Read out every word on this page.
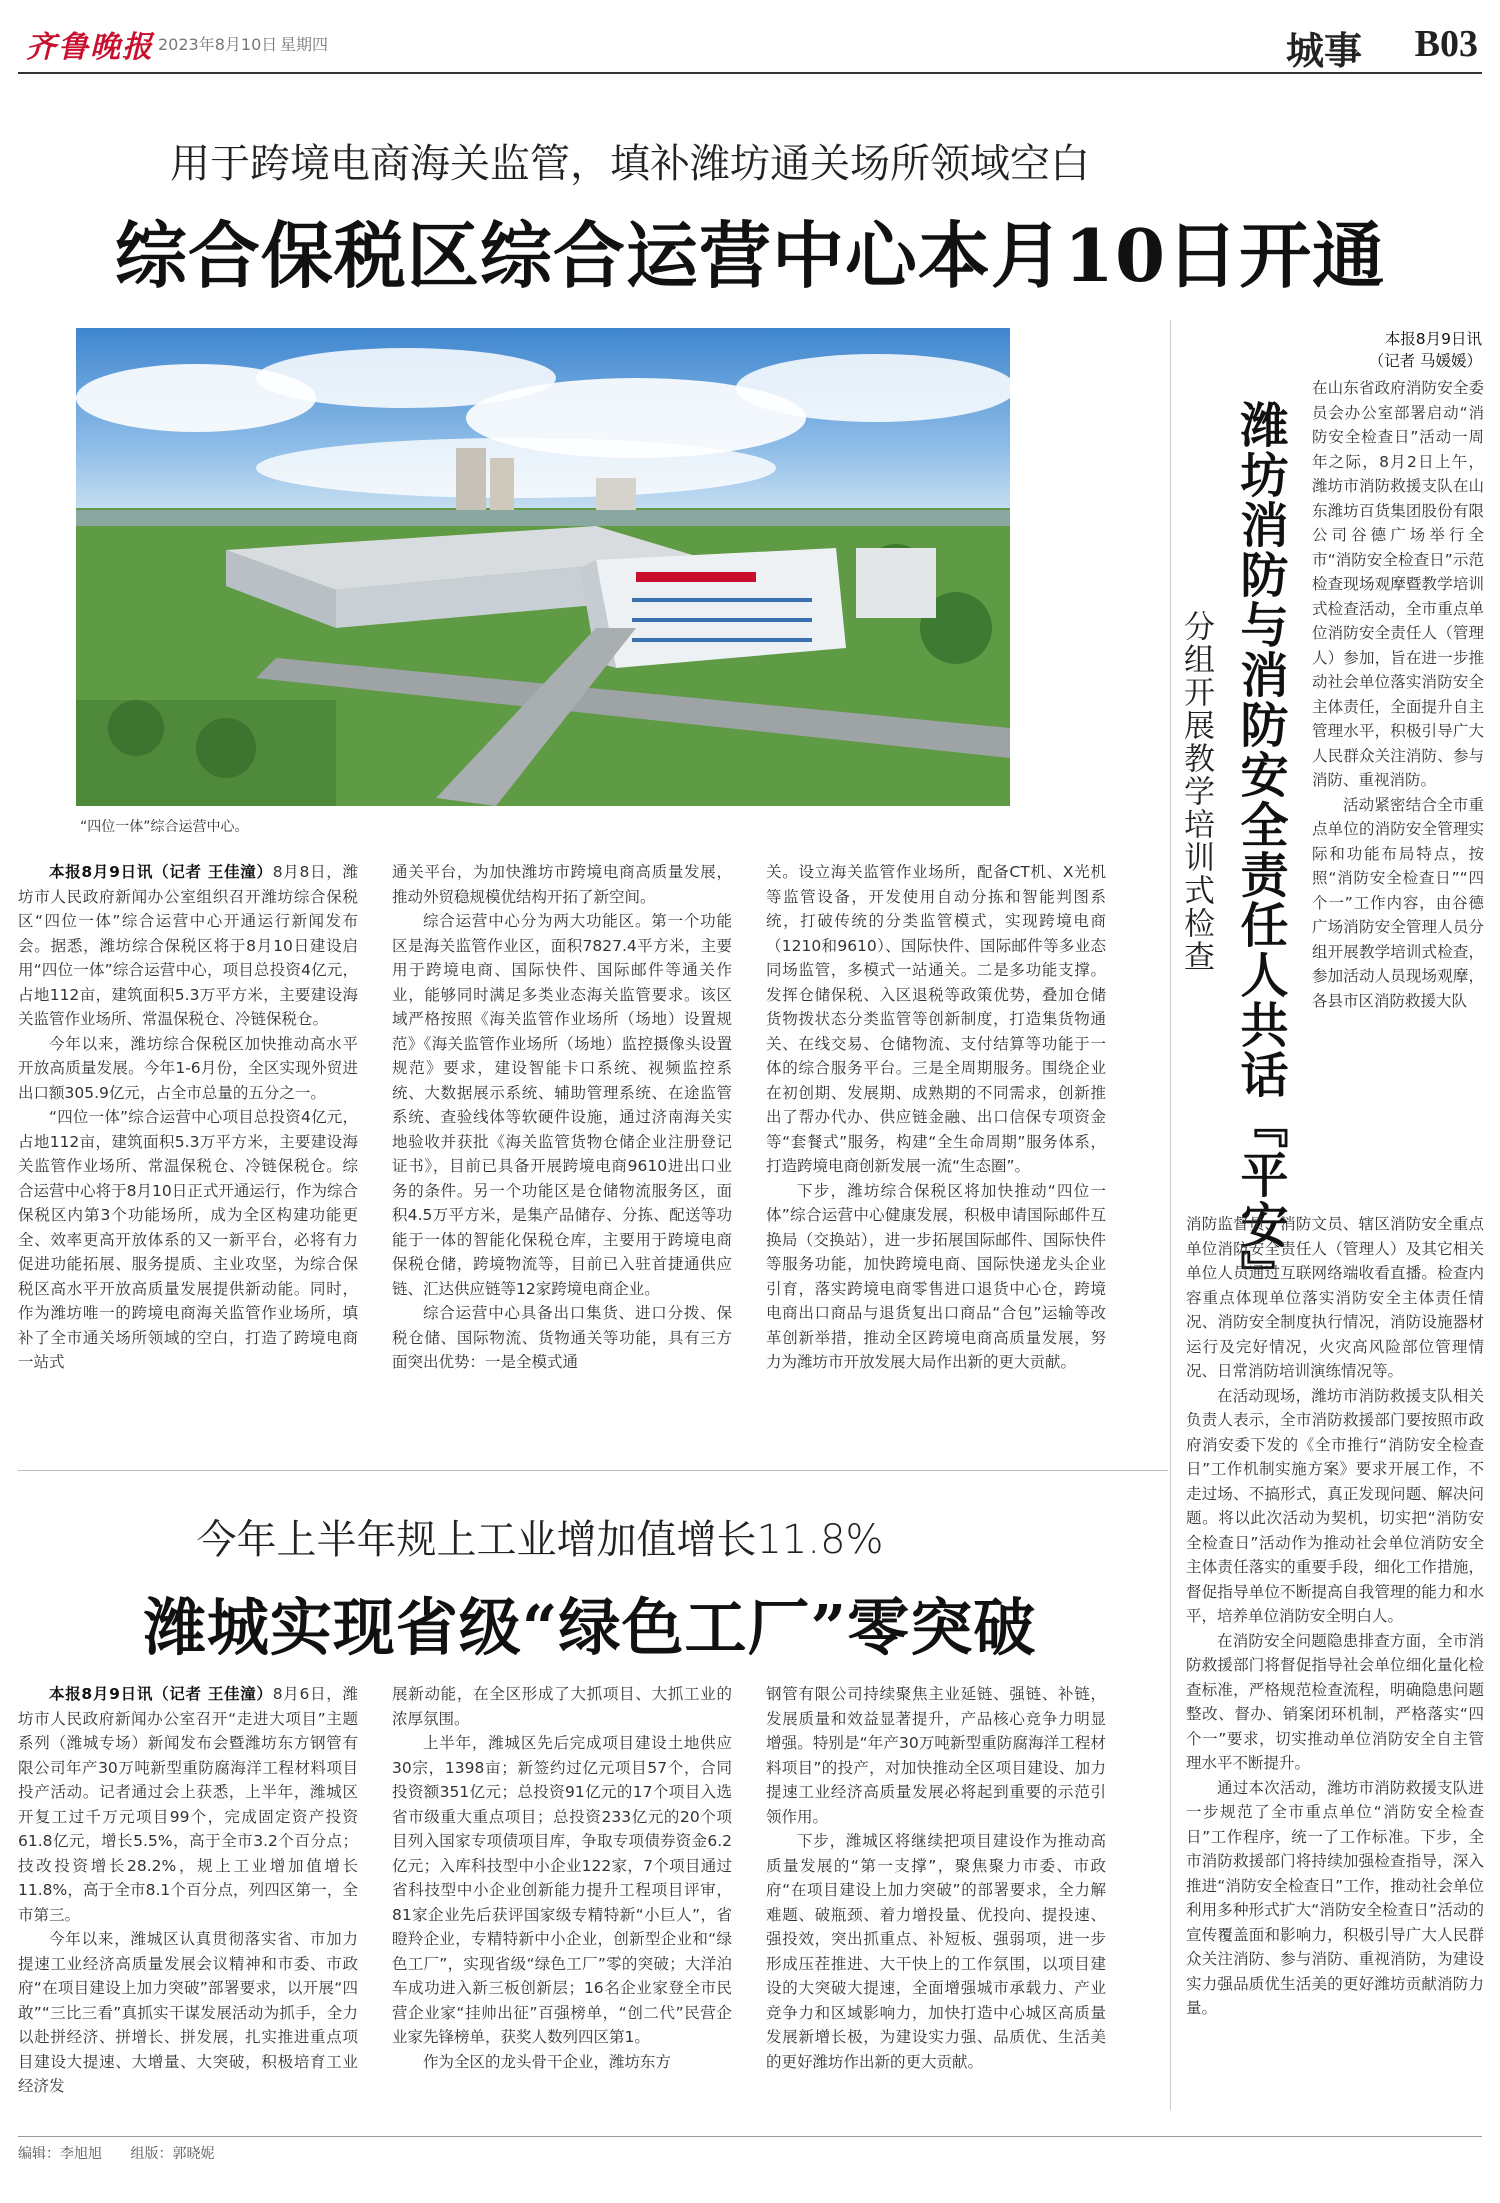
齐鲁晚报 2023年8月10日 星期四	城事 B03
用于跨境电商海关监管，填补潍坊通关场所领域空白
综合保税区综合运营中心本月10日开通
“四位一体”综合运营中心。

本报8月9日讯（记者 王佳潼）8月8日，潍坊市人民政府新闻办公室组织召开潍坊综合保税区“四位一体”综合运营中心开通运行新闻发布会。据悉，潍坊综合保税区将于8月10日建设启用“四位一体”综合运营中心，项目总投资4亿元，占地112亩，建筑面积5.3万平方米，主要建设海关监管作业场所、常温保税仓、冷链保税仓。

今年以来，潍坊综合保税区加快推动高水平开放高质量发展。今年1-6月份，全区实现外贸进出口额305.9亿元，占全市总量的五分之一。

“四位一体”综合运营中心项目总投资4亿元，占地112亩，建筑面积5.3万平方米，主要建设海关监管作业场所、常温保税仓、冷链保税仓。综合运营中心将于8月10日正式开通运行，作为综合保税区内第3个功能场所，成为全区构建功能更全、效率更高开放体系的又一新平台，必将有力促进功能拓展、服务提质、主业攻坚，为综合保税区高水平开放高质量发展提供新动能。同时，作为潍坊唯一的跨境电商海关监管作业场所，填补了全市通关场所领域的空白，打造了跨境电商一站式

通关平台，为加快潍坊市跨境电商高质量发展，推动外贸稳规模优结构开拓了新空间。

综合运营中心分为两大功能区。第一个功能区是海关监管作业区，面积7827.4平方米，主要用于跨境电商、国际快件、国际邮件等通关作业，能够同时满足多类业态海关监管要求。该区域严格按照《海关监管作业场所（场地）设置规范》《海关监管作业场所（场地）监控摄像头设置规范》要求，建设智能卡口系统、视频监控系统、大数据展示系统、辅助管理系统、在途监管系统、查验线体等软硬件设施，通过济南海关实地验收并获批《海关监管货物仓储企业注册登记证书》，目前已具备开展跨境电商9610进出口业务的条件。另一个功能区是仓储物流服务区，面积4.5万平方米，是集产品储存、分拣、配送等功能于一体的智能化保税仓库，主要用于跨境电商保税仓储，跨境物流等，目前已入驻首捷通供应链、汇达供应链等12家跨境电商企业。

综合运营中心具备出口集货、进口分拨、保税仓储、国际物流、货物通关等功能，具有三方面突出优势：一是全模式通

关。设立海关监管作业场所，配备CT机、X光机等监管设备，开发使用自动分拣和智能判图系统，打破传统的分类监管模式，实现跨境电商（1210和9610）、国际快件、国际邮件等多业态同场监管，多模式一站通关。二是多功能支撑。发挥仓储保税、入区退税等政策优势，叠加仓储货物拨状态分类监管等创新制度，打造集货物通关、在线交易、仓储物流、支付结算等功能于一体的综合服务平台。三是全周期服务。围绕企业在初创期、发展期、成熟期的不同需求，创新推出了帮办代办、供应链金融、出口信保专项资金等“套餐式”服务，构建“全生命周期”服务体系，打造跨境电商创新发展一流“生态圈”。

下步，潍坊综合保税区将加快推动“四位一体”综合运营中心健康发展，积极申请国际邮件互换局（交换站），进一步拓展国际邮件、国际快件等服务功能，加快跨境电商、国际快递龙头企业引育，落实跨境电商零售进口退货中心仓，跨境电商出口商品与退货复出口商品“合包”运输等改革创新举措，推动全区跨境电商高质量发展，努力为潍坊市开放发展大局作出新的更大贡献。

今年上半年规上工业增加值增长11.8%
潍城实现省级“绿色工厂”零突破

本报8月9日讯（记者 王佳潼）8月6日，潍坊市人民政府新闻办公室召开“走进大项目”主题系列（潍城专场）新闻发布会暨潍坊东方钢管有限公司年产30万吨新型重防腐海洋工程材料项目投产活动。记者通过会上获悉，上半年，潍城区开复工过千万元项目99个，完成固定资产投资61.8亿元，增长5.5%，高于全市3.2个百分点；技改投资增长28.2%，规上工业增加值增长11.8%，高于全市8.1个百分点，列四区第一，全市第三。

今年以来，潍城区认真贯彻落实省、市加力提速工业经济高质量发展会议精神和市委、市政府“在项目建设上加力突破”部署要求，以开展“四敢”“三比三看”真抓实干谋发展活动为抓手，全力以赴拼经济、拼增长、拼发展，扎实推进重点项目建设大提速、大增量、大突破，积极培育工业经济发

展新动能，在全区形成了大抓项目、大抓工业的浓厚氛围。

上半年，潍城区先后完成项目建设土地供应30宗，1398亩；新签约过亿元项目57个，合同投资额351亿元；总投资91亿元的17个项目入选省市级重大重点项目；总投资233亿元的20个项目列入国家专项债项目库，争取专项债券资金6.2亿元；入库科技型中小企业122家，7个项目通过省科技型中小企业创新能力提升工程项目评审，81家企业先后获评国家级专精特新“小巨人”，省瞪羚企业，专精特新中小企业，创新型企业和“绿色工厂”，实现省级“绿色工厂”零的突破；大洋泊车成功进入新三板创新层；16名企业家登全市民营企业家“挂帅出征”百强榜单，“创二代”民营企业家先锋榜单，获奖人数列四区第1。

作为全区的龙头骨干企业，潍坊东方

钢管有限公司持续聚焦主业延链、强链、补链，发展质量和效益显著提升，产品核心竞争力明显增强。特别是“年产30万吨新型重防腐海洋工程材料项目”的投产，对加快推动全区项目建设、加力提速工业经济高质量发展必将起到重要的示范引领作用。

下步，潍城区将继续把项目建设作为推动高质量发展的“第一支撑”，聚焦聚力市委、市政府“在项目建设上加力突破”的部署要求，全力解难题、破瓶颈、着力增投量、优投向、提投速、强投效，突出抓重点、补短板、强弱项，进一步形成压茬推进、大干快上的工作氛围，以项目建设的大突破大提速，全面增强城市承载力、产业竞争力和区域影响力，加快打造中心城区高质量发展新增长极，为建设实力强、品质优、生活美的更好潍坊作出新的更大贡献。

潍坊消防与消防安全责任人共话『平安』
分组开展教学培训式检查
本报8月9日讯
（记者 马媛媛）

在山东省政府消防安全委员会办公室部署启动“消防安全检查日”活动一周年之际，8月2日上午，潍坊市消防救援支队在山东潍坊百货集团股份有限公司谷德广场举行全市“消防安全检查日”示范检查现场观摩暨教学培训式检查活动，全市重点单位消防安全责任人（管理人）参加，旨在进一步推动社会单位落实消防安全主体责任，全面提升自主管理水平，积极引导广大人民群众关注消防、参与消防、重视消防。

活动紧密结合全市重点单位的消防安全管理实际和功能布局特点，按照“消防安全检查日”“四个一”工作内容，由谷德广场消防安全管理人员分组开展教学培训式检查，参加活动人员现场观摩，各县市区消防救援大队

消防监督员、消防文员、辖区消防安全重点单位消防安全责任人（管理人）及其它相关单位人员通过互联网络端收看直播。检查内容重点体现单位落实消防安全主体责任情况、消防安全制度执行情况，消防设施器材运行及完好情况，火灾高风险部位管理情况、日常消防培训演练情况等。

在活动现场，潍坊市消防救援支队相关负责人表示，全市消防救援部门要按照市政府消安委下发的《全市推行“消防安全检查日”工作机制实施方案》要求开展工作，不走过场、不搞形式，真正发现问题、解决问题。将以此次活动为契机，切实把“消防安全检查日”活动作为推动社会单位消防安全主体责任落实的重要手段，细化工作措施，督促指导单位不断提高自我管理的能力和水平，培养单位消防安全明白人。

在消防安全问题隐患排查方面，全市消防救援部门将督促指导社会单位细化量化检查标准，严格规范检查流程，明确隐患问题整改、督办、销案闭环机制，严格落实“四个一”要求，切实推动单位消防安全自主管理水平不断提升。

通过本次活动，潍坊市消防救援支队进一步规范了全市重点单位“消防安全检查日”工作程序，统一了工作标准。下步，全市消防救援部门将持续加强检查指导，深入推进“消防安全检查日”工作，推动社会单位利用多种形式扩大“消防安全检查日”活动的宣传覆盖面和影响力，积极引导广大人民群众关注消防、参与消防、重视消防，为建设实力强品质优生活美的更好潍坊贡献消防力量。

编辑：李旭旭 组版：郭晓妮
